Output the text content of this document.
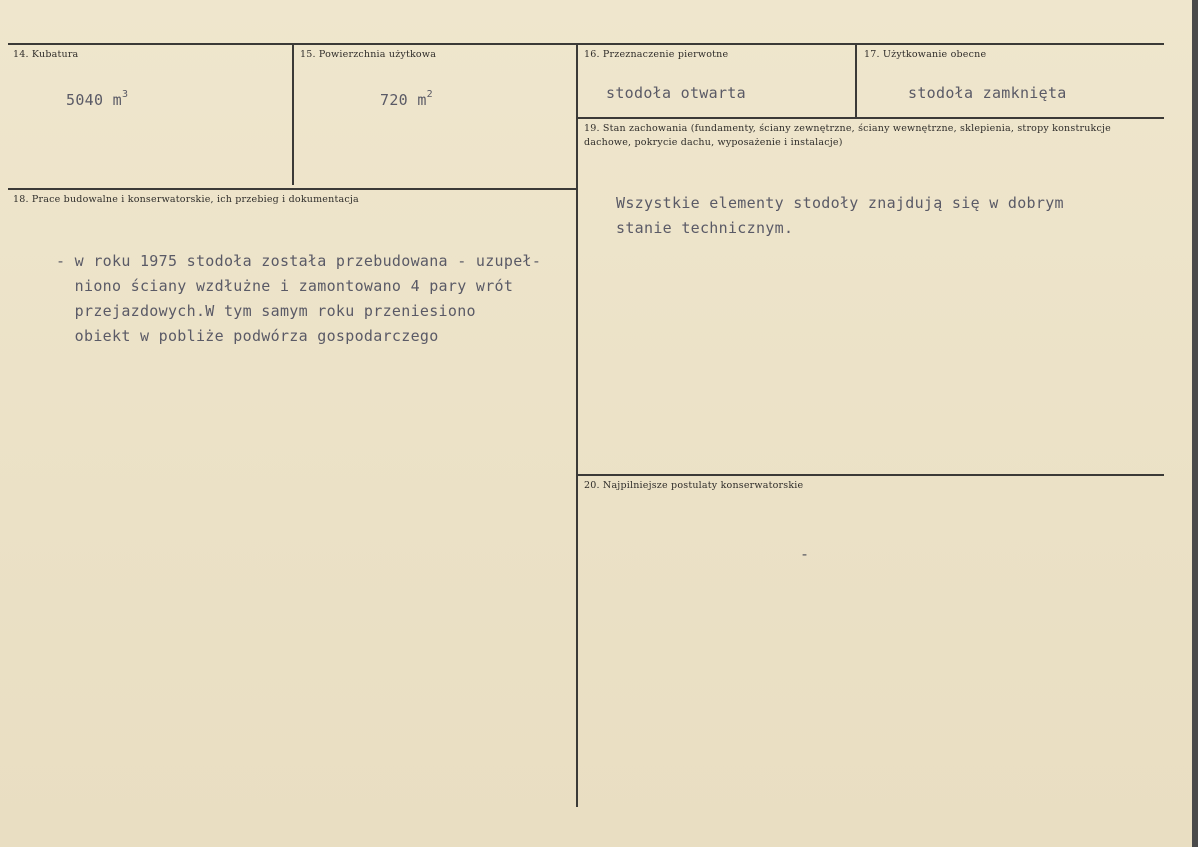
14. Kubatura
5040 $m^3$
15. Powierzchnia użytkowa
720 $m^2$
16. Przeznaczenie pierwotne
stodoła otwarta
17. Użytkowanie obecne
stodoła zamknięta
18. Prace budowalne i konserwatorskie, ich przebieg i dokumentacja
- w roku 1975 stodoła została przebudowana - uzupeł-
niono ściany wzdłużne i zamontowano 4 pary wrót
przejazdowych.W tym samym roku przeniesiono
obiekt w pobliże podwórza gospodarczego
19. Stan zachowania (fundamenty, ściany zewnętrzne, ściany wewnętrzne, sklepienia, stropy konstrukcje dachowe, pokrycie dachu, wyposażenie i instalacje)
Wszystkie elementy stodoły znajdują się w dobrym
stanie technicznym.
20. Najpilniejsze postulaty konserwatorskie
-
